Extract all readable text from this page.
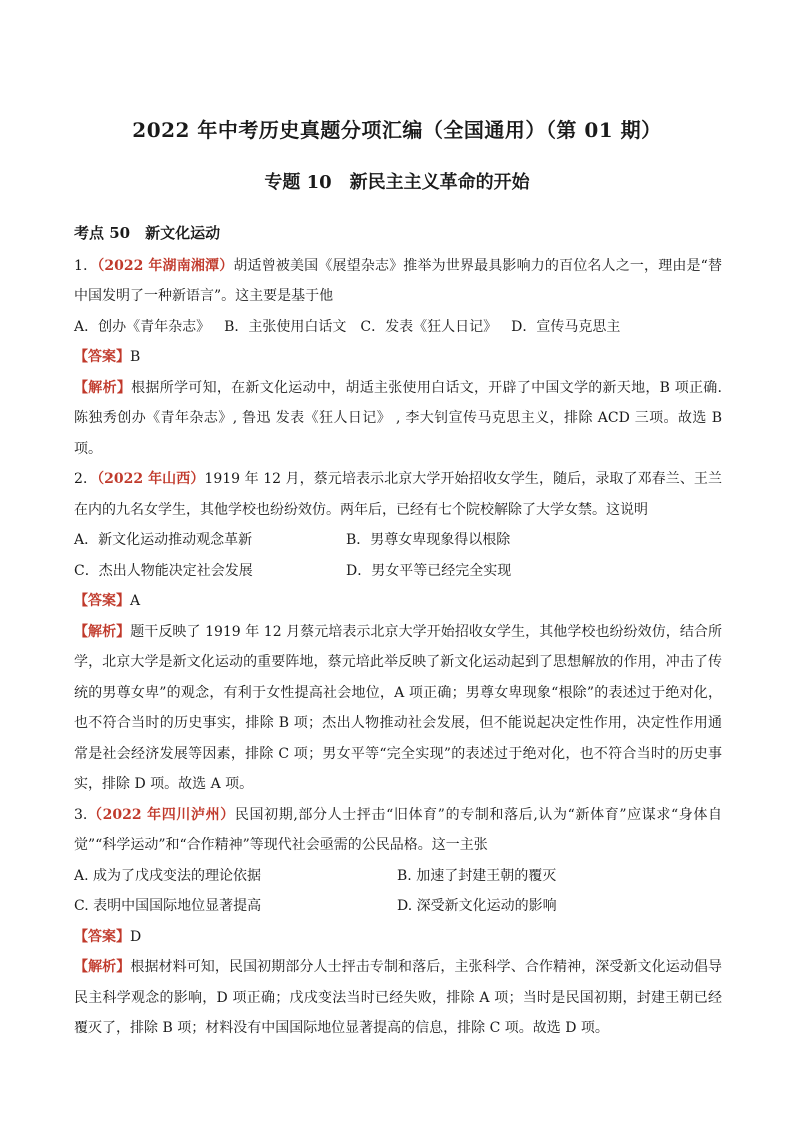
2022 年中考历史真题分项汇编（全国通用）（第 01 期）
专题 10　新民主主义革命的开始
考点 50　新文化运动

1．（2022 年湖南湘潭）胡适曾被美国《展望杂志》推举为世界最具影响力的百位名人之一，理由是“替中国发明了一种新语言”。这主要是基于他

A．创办《青年杂志》 B．主张使用白话文 C．发表《狂人日记》 D．宣传马克思主

【答案】B

【解析】根据所学可知，在新文化运动中，胡适主张使用白话文，开辟了中国文学的新天地，B 项正确. 陈独秀创办《青年杂志》, 鲁迅 发表《狂人日记》 , 李大钊宣传马克思主义，排除 ACD 三项。故选 B 项。

2．（2022 年山西）1919 年 12 月，蔡元培表示北京大学开始招收女学生，随后，录取了邓春兰、王兰在内的九名女学生，其他学校也纷纷效仿。两年后，已经有七个院校解除了大学女禁。这说明

A．新文化运动推动观念革新	B．男尊女卑现象得以根除
C．杰出人物能决定社会发展	D．男女平等已经完全实现

【答案】A

【解析】题干反映了 1919 年 12 月蔡元培表示北京大学开始招收女学生，其他学校也纷纷效仿，结合所学，北京大学是新文化运动的重要阵地，蔡元培此举反映了新文化运动起到了思想解放的作用，冲击了传统的男尊女卑”的观念，有利于女性提高社会地位，A 项正确；男尊女卑现象“根除”的表述过于绝对化，也不符合当时的历史事实，排除 B 项；杰出人物推动社会发展，但不能说起决定性作用，决定性作用通常是社会经济发展等因素，排除 C 项；男女平等“完全实现”的表述过于绝对化，也不符合当时的历史事实，排除 D 项。故选 A 项。

3.（2022 年四川泸州）民国初期,部分人士抨击“旧体育”的专制和落后,认为“新体育”应谋求“身体自觉”“科学运动”和“合作精神”等现代社会亟需的公民品格。这一主张

A. 成为了戊戌变法的理论依据	B. 加速了封建王朝的覆灭
C. 表明中国国际地位显著提高	D. 深受新文化运动的影响

【答案】D

【解析】根据材料可知，民国初期部分人士抨击专制和落后，主张科学、合作精神，深受新文化运动倡导民主科学观念的影响，D 项正确；戊戌变法当时已经失败，排除 A 项；当时是民国初期，封建王朝已经覆灭了，排除 B 项；材料没有中国国际地位显著提高的信息，排除 C 项。故选 D 项。
